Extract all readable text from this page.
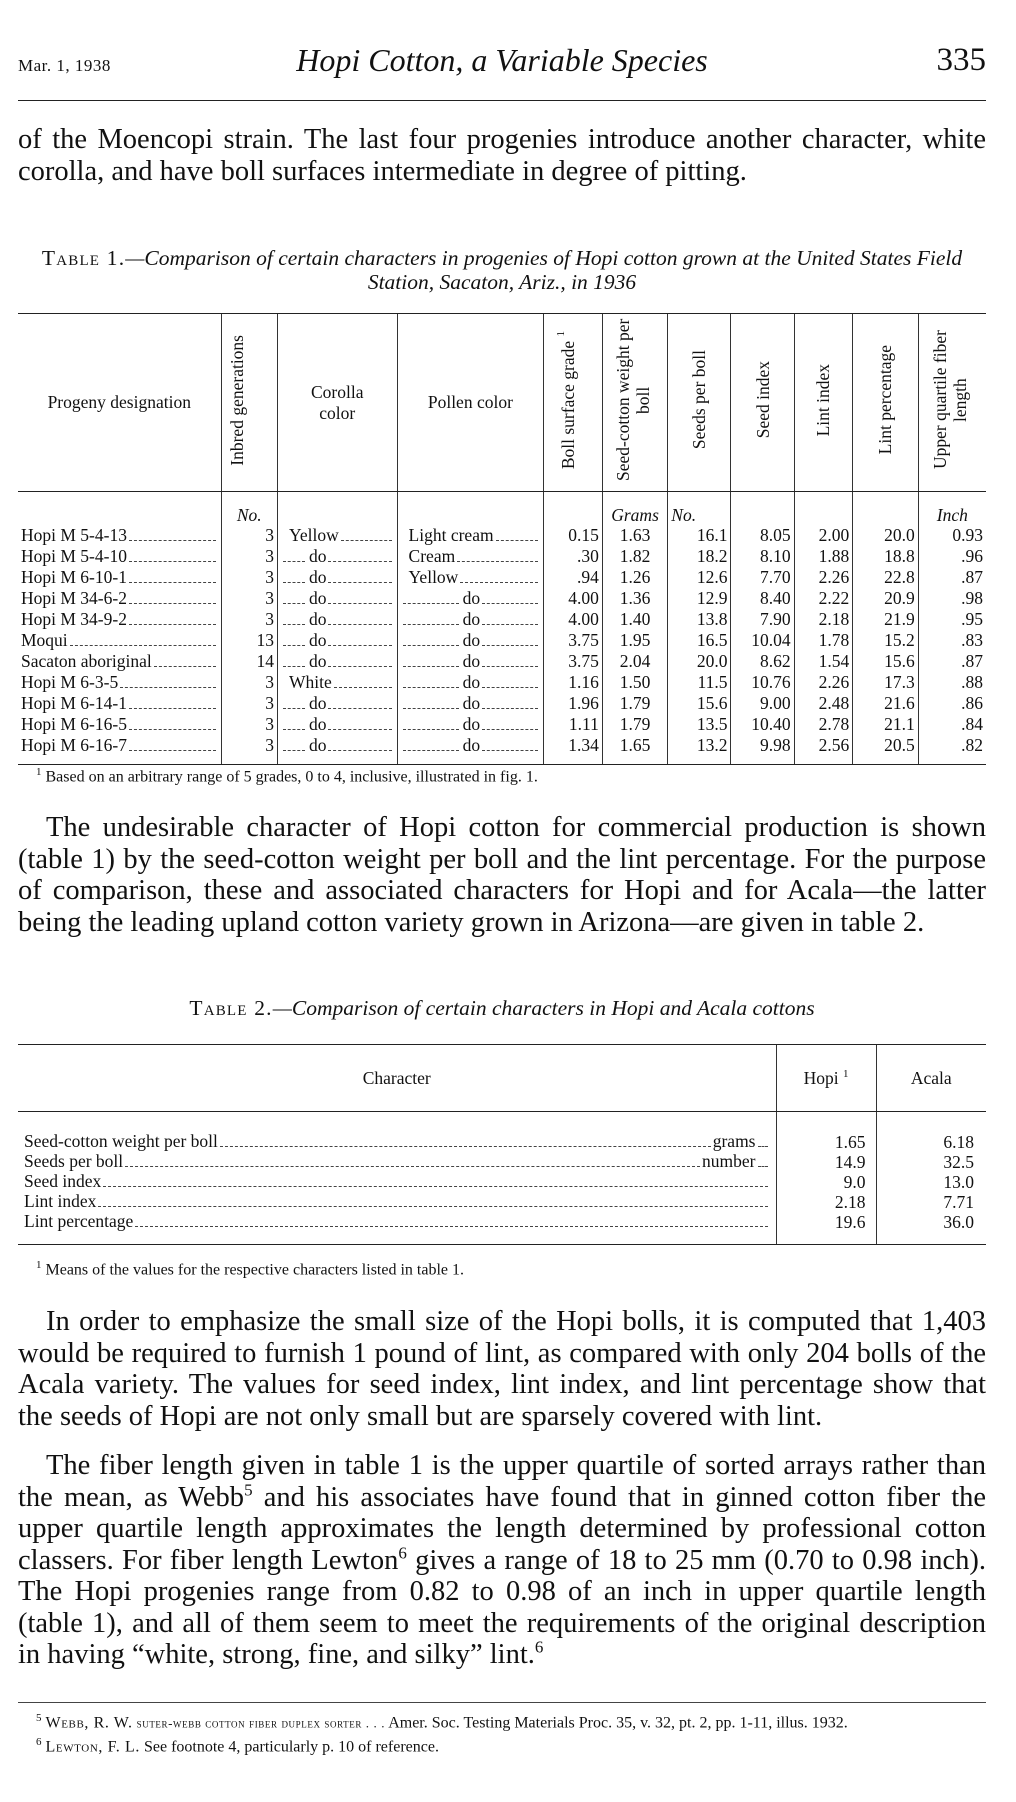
Mar. 1, 1938	Hopi Cotton, a Variable Species	335

of the Moencopi strain. The last four progenies introduce another character, white corolla, and have boll surfaces intermediate in degree of pitting.

Table 1.—Comparison of certain characters in progenies of Hopi cotton grown at the United States Field Station, Sacaton, Ariz., in 1936
Progeny designation	Inbred generations	Corolla color	Pollen color	Boll surface grade $^1$	Seed-cotton weight per boll	Seeds per boll	Seed index	Lint index	Lint percentage	Upper quartile fiber length
	No.				Grams	No.				Inch

Hopi M 5-4-13	3	Yellow	Light cream	0.15	1.63	16.1	8.05	2.00	20.0	0.93

Hopi M 5-4-10	3	do	Cream	.30	1.82	18.2	8.10	1.88	18.8	.96

Hopi M 6-10-1	3	do	Yellow	.94	1.26	12.6	7.70	2.26	22.8	.87

Hopi M 34-6-2	3	do	do	4.00	1.36	12.9	8.40	2.22	20.9	.98

Hopi M 34-9-2	3	do	do	4.00	1.40	13.8	7.90	2.18	21.9	.95

Moqui	13	do	do	3.75	1.95	16.5	10.04	1.78	15.2	.83

Sacaton aboriginal	14	do	do	3.75	2.04	20.0	8.62	1.54	15.6	.87

Hopi M 6-3-5	3	White	do	1.16	1.50	11.5	10.76	2.26	17.3	.88

Hopi M 6-14-1	3	do	do	1.96	1.79	15.6	9.00	2.48	21.6	.86

Hopi M 6-16-5	3	do	do	1.11	1.79	13.5	10.40	2.78	21.1	.84

Hopi M 6-16-7	3	do	do	1.34	1.65	13.2	9.98	2.56	20.5	.82
$^1$ Based on an arbitrary range of 5 grades, 0 to 4, inclusive, illustrated in fig. 1.

The undesirable character of Hopi cotton for commercial production is shown (table 1) by the seed-cotton weight per boll and the lint percentage. For the purpose of comparison, these and associated characters for Hopi and for Acala—the latter being the leading upland cotton variety grown in Arizona—are given in table 2.

Table 2.—Comparison of certain characters in Hopi and Acala cottons
Character	Hopi $^1$	Acala

Seed-cotton weight per boll grams	1.65	6.18

Seeds per boll number	14.9	32.5

Seed index	9.0	13.0

Lint index	2.18	7.71

Lint percentage	19.6	36.0
$^1$ Means of the values for the respective characters listed in table 1.

In order to emphasize the small size of the Hopi bolls, it is computed that 1,403 would be required to furnish 1 pound of lint, as compared with only 204 bolls of the Acala variety. The values for seed index, lint index, and lint percentage show that the seeds of Hopi are not only small but are sparsely covered with lint.

The fiber length given in table 1 is the upper quartile of sorted arrays rather than the mean, as Webb$^5$ and his associates have found that in ginned cotton fiber the upper quartile length approximates the length determined by professional cotton classers. For fiber length Lewton$^6$ gives a range of 18 to 25 mm (0.70 to 0.98 inch). The Hopi progenies range from 0.82 to 0.98 of an inch in upper quartile length (table 1), and all of them seem to meet the requirements of the original description in having “white, strong, fine, and silky” lint.$^6$

$^5$ Webb, R. W. suter-webb cotton fiber duplex sorter . . . Amer. Soc. Testing Materials Proc. 35, v. 32, pt. 2, pp. 1-11, illus. 1932.
$^6$ Lewton, F. L. See footnote 4, particularly p. 10 of reference.
